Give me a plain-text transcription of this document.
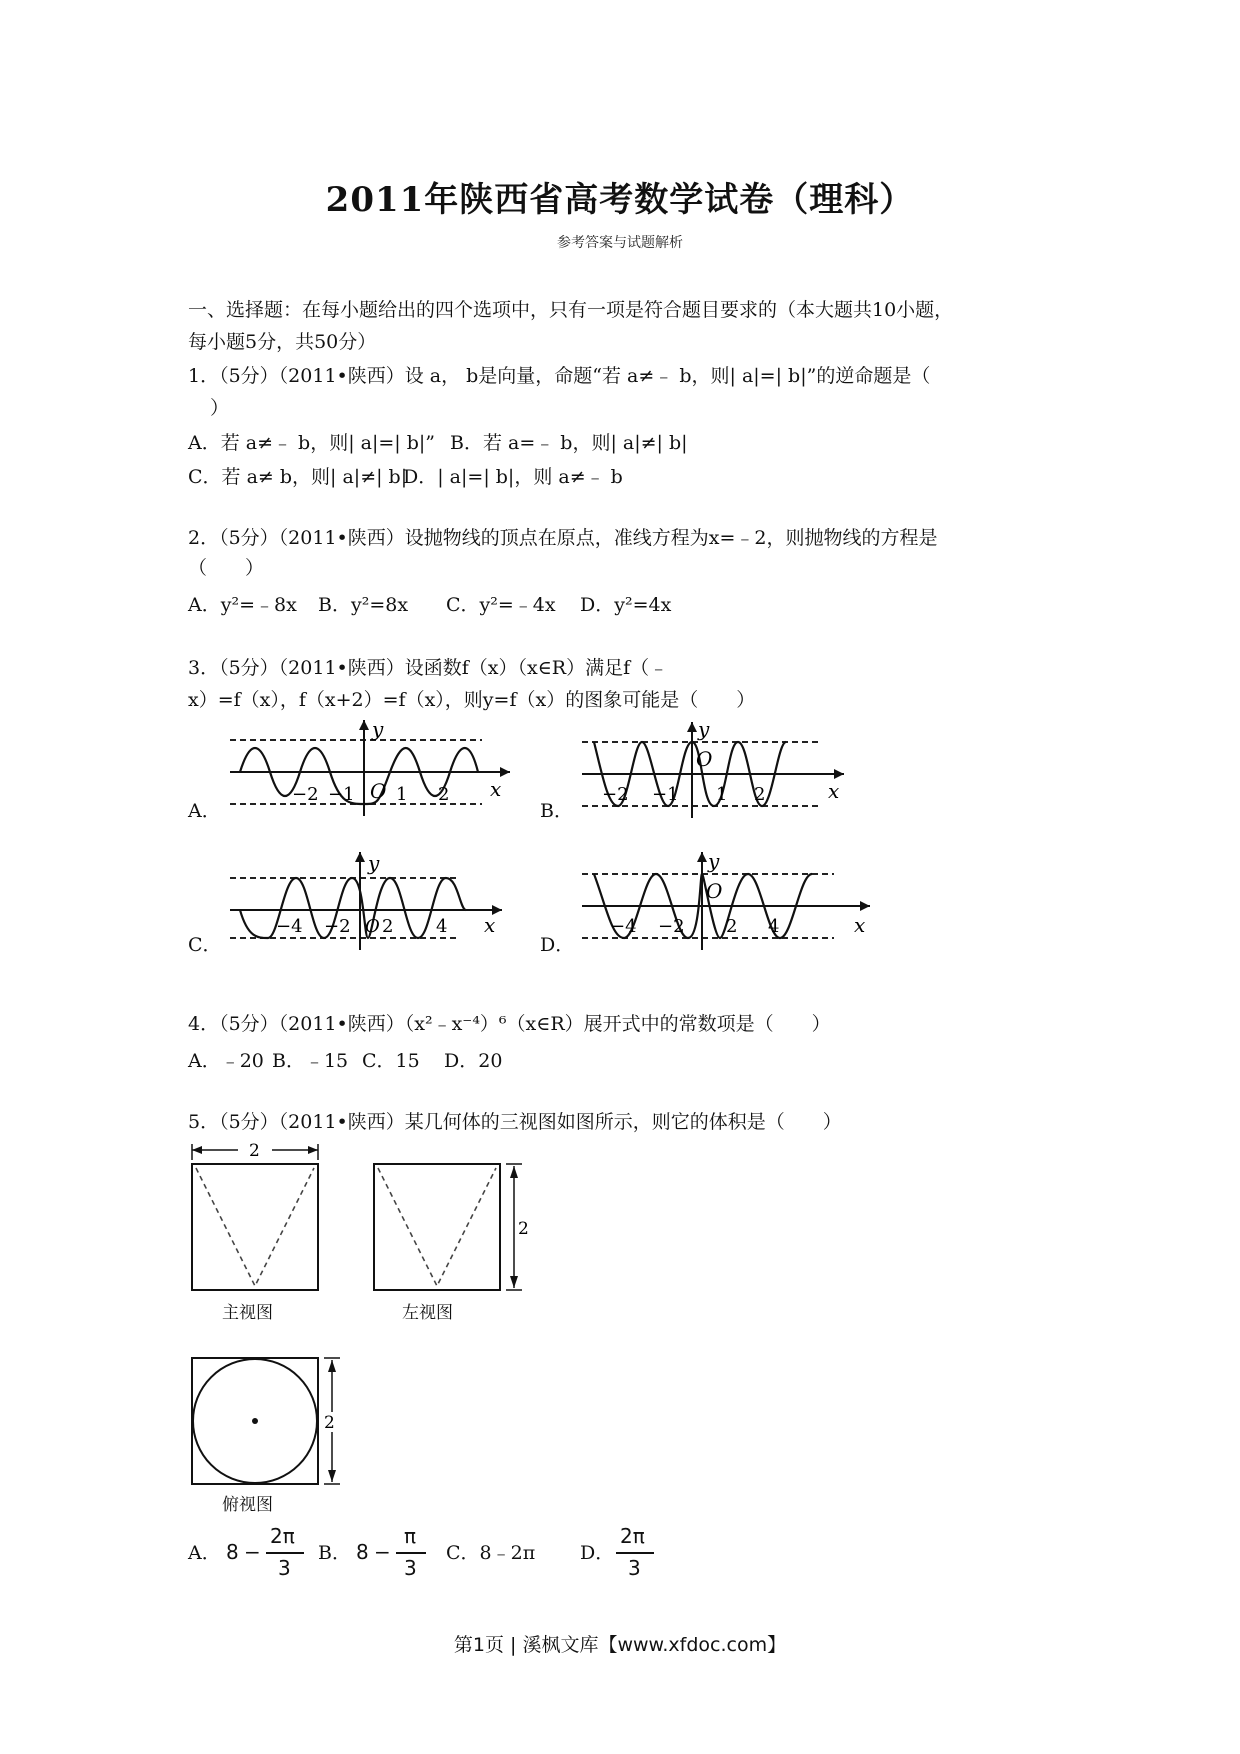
2011年陕西省高考数学试卷（理科）
参考答案与试题解析
一、选择题：在每小题给出的四个选项中，只有一项是符合题目要求的（本大题共10小题，
每小题5分，共50分）
1．（5分）（2011•陕西）设 a， b是向量，命题“若 a≠﹣ b，则| a|=| b|”的逆命题是（
）
A．若 a≠﹣ b，则| a|=| b|” B．若 a=﹣ b，则| a|≠| b|
C．若 a≠ b，则| a|≠| b|
D．| a|=| b|，则 a≠﹣ b
2．（5分）（2011•陕西）设抛物线的顶点在原点，准线方程为x=﹣2，则抛物线的方程是
（　　）
A．y²=﹣8x B．y²=8x C．y²=﹣4x D．y²=4x
3．（5分）（2011•陕西）设函数f（x）（x∈R）满足f（﹣
x）=f（x），f（x+2）=f（x），则y=f（x）的图象可能是（　　）
A．
−2 −1 O 1 2 x
y
B．
−2 −1
O
1 2	x
y
C．
−4 −2 O 2 4 x
y
D．
−4 −2
O
2 4	x
y
4．（5分）（2011•陕西）（x²﹣x⁻⁴）⁶（x∈R）展开式中的常数项是（　　）
A．﹣20 B．﹣15 C．15 D．20
5．（5分）（2011•陕西）某几何体的三视图如图所示，则它的体积是（　　）
2
主视图
2
左视图
2
俯视图
A． 8 −
2π
3
B． 8 −
π
3
C．8﹣2π D．
2π
3
第1页 | 溪枫文库【www.xfdoc.com】
